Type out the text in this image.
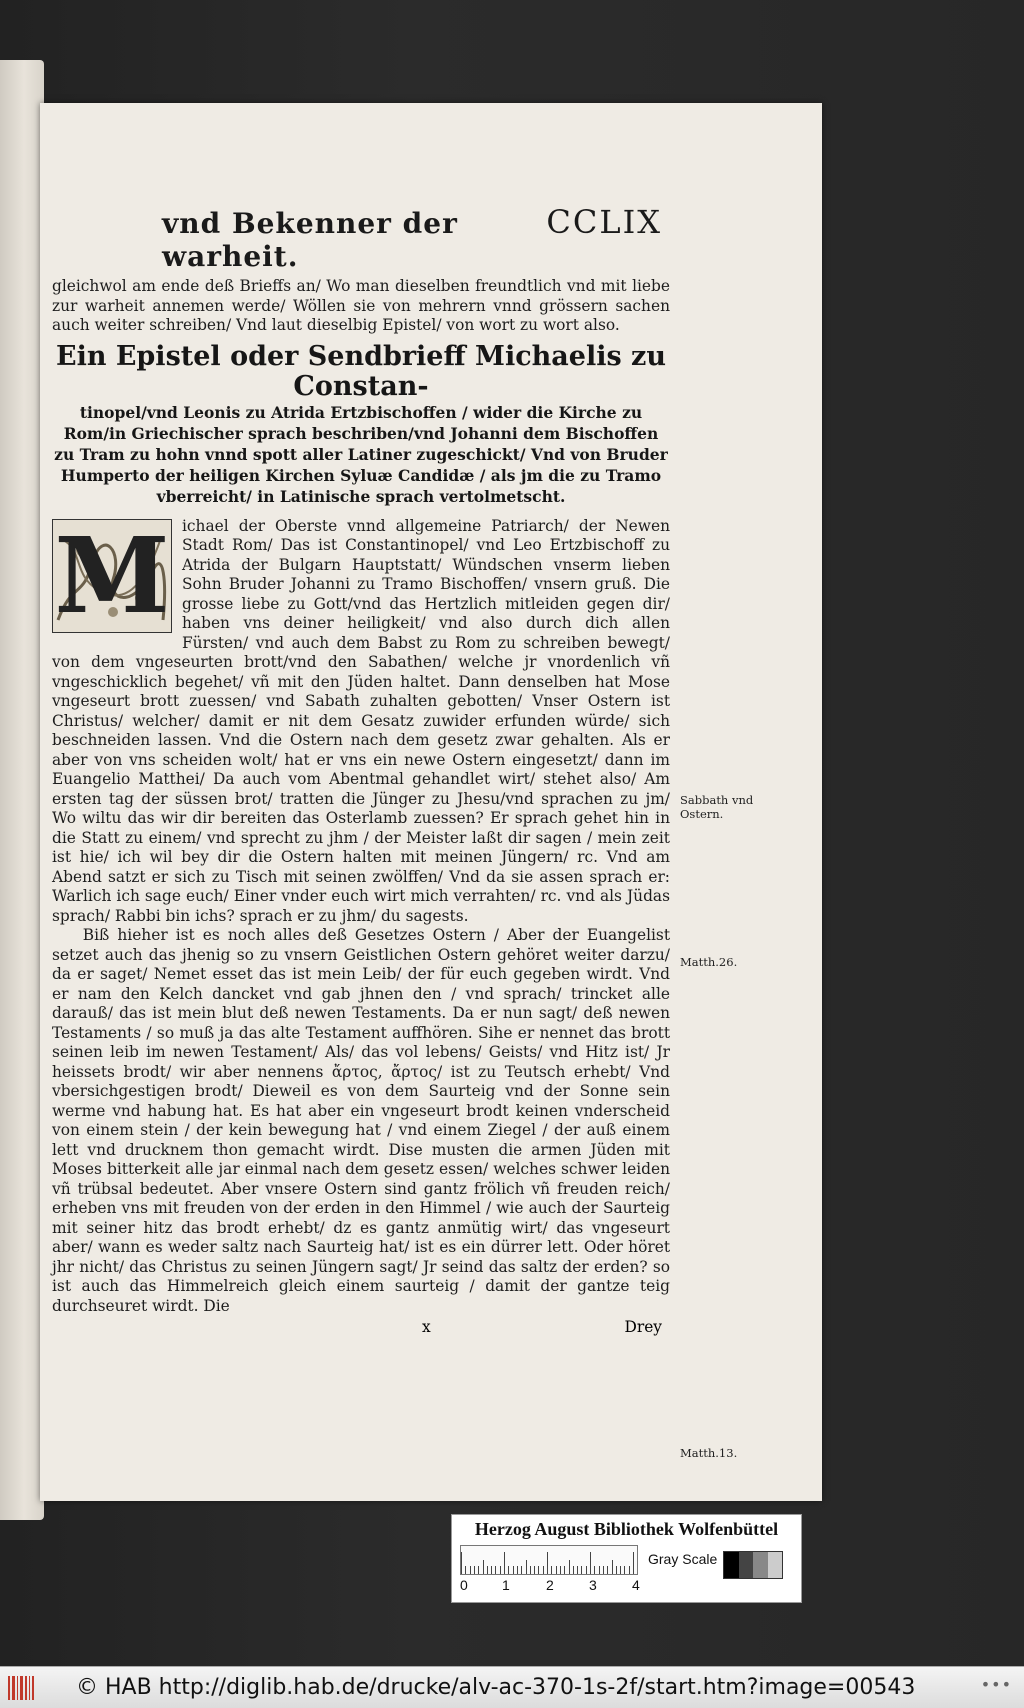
vnd Bekenner der warheit.
CCLIX

gleichwol am ende deß Brieffs an/ Wo man dieselben freundtlich vnd mit liebe zur warheit annemen werde/ Wöllen sie von mehrern vnnd grössern sachen auch weiter schreiben/ Vnd laut dieselbig Epistel/ von wort zu wort also.

Ein Epistel oder Sendbrieff Michaelis zu Constan-
tinopel/vnd Leonis zu Atrida Ertzbischoffen / wider die Kirche zu Rom/in Griechischer sprach beschriben/vnd Johanni dem Bischoffen zu Tram zu hohn vnnd spott aller Latiner zugeschickt/ Vnd von Bruder Humperto der heiligen Kirchen Syluæ Candidæ / als jm die zu Tramo vberreicht/ in Latinische sprach vertolmetscht.
M ichael der Oberste vnnd allgemeine Patriarch/ der Newen Stadt Rom/ Das ist Constantinopel/ vnd Leo Ertzbischoff zu Atrida der Bulgarn Hauptstatt/ Wündschen vnserm lieben Sohn Bruder Johanni zu Tramo Bischoffen/ vnsern gruß. Die grosse liebe zu Gott/vnd das Hertzlich mitleiden gegen dir/ haben vns deiner heiligkeit/ vnd also durch dich allen Fürsten/ vnd auch dem Babst zu Rom zu schreiben bewegt/ von dem vngeseurten brott/vnd den Sabathen/ welche jr vnordenlich vñ vngeschicklich begehet/ vñ mit den Jüden haltet. Dann denselben hat Mose vngeseurt brott zuessen/ vnd Sabath zuhalten gebotten/ Vnser Ostern ist Christus/ welcher/ damit er nit dem Gesatz zuwider erfunden würde/ sich beschneiden lassen. Vnd die Ostern nach dem gesetz zwar gehalten. Als er aber von vns scheiden wolt/ hat er vns ein newe Ostern eingesetzt/ dann im Euangelio Matthei/ Da auch vom Abentmal gehandlet wirt/ stehet also/ Am ersten tag der süssen brot/ tratten die Jünger zu Jhesu/vnd sprachen zu jm/ Wo wiltu das wir dir bereiten das Osterlamb zuessen? Er sprach gehet hin in die Statt zu einem/ vnd sprecht zu jhm / der Meister laßt dir sagen / mein zeit ist hie/ ich wil bey dir die Ostern halten mit meinen Jüngern/ rc. Vnd am Abend satzt er sich zu Tisch mit seinen zwölffen/ Vnd da sie assen sprach er: Warlich ich sage euch/ Einer vnder euch wirt mich verrahten/ rc. vnd als Jüdas sprach/ Rabbi bin ichs? sprach er zu jhm/ du sagests.

Biß hieher ist es noch alles deß Gesetzes Ostern / Aber der Euangelist setzet auch das jhenig so zu vnsern Geistlichen Ostern gehöret weiter darzu/ da er saget/ Nemet esset das ist mein Leib/ der für euch gegeben wirdt. Vnd er nam den Kelch dancket vnd gab jhnen den / vnd sprach/ trincket alle darauß/ das ist mein blut deß newen Testaments. Da er nun sagt/ deß newen Testaments / so muß ja das alte Testament auffhören. Sihe er nennet das brott seinen leib im newen Testament/ Als/ das vol lebens/ Geists/ vnd Hitz ist/ Jr heissets brodt/ wir aber nennens ἄρτος, ἄρτος/ ist zu Teutsch erhebt/ Vnd vbersichgestigen brodt/ Dieweil es von dem Saurteig vnd der Sonne sein werme vnd habung hat. Es hat aber ein vngeseurt brodt keinen vnderscheid von einem stein / der kein bewegung hat / vnd einem Ziegel / der auß einem lett vnd drucknem thon gemacht wirdt. Dise musten die armen Jüden mit Moses bitterkeit alle jar einmal nach dem gesetz essen/ welches schwer leiden vñ trübsal bedeutet. Aber vnsere Ostern sind gantz frölich vñ freuden reich/ erheben vns mit freuden von der erden in den Himmel / wie auch der Saurteig mit seiner hitz das brodt erhebt/ dz es gantz anmütig wirt/ das vngeseurt aber/ wann es weder saltz nach Saurteig hat/ ist es ein dürrer lett. Oder höret jhr nicht/ das Christus zu seinen Jüngern sagt/ Jr seind das saltz der erden? so ist auch das Himmelreich gleich einem saurteig / damit der gantze teig durchseuret wirdt. Die

x	Drey
Sabbath vnd Ostern.
Matth.26.
Matth.13.
Herzog August Bibliothek Wolfenbüttel
0 1	2	3	4
Gray Scale
© HAB http://diglib.hab.de/drucke/alv-ac-370-1s-2f/start.htm?image=00543	•••
